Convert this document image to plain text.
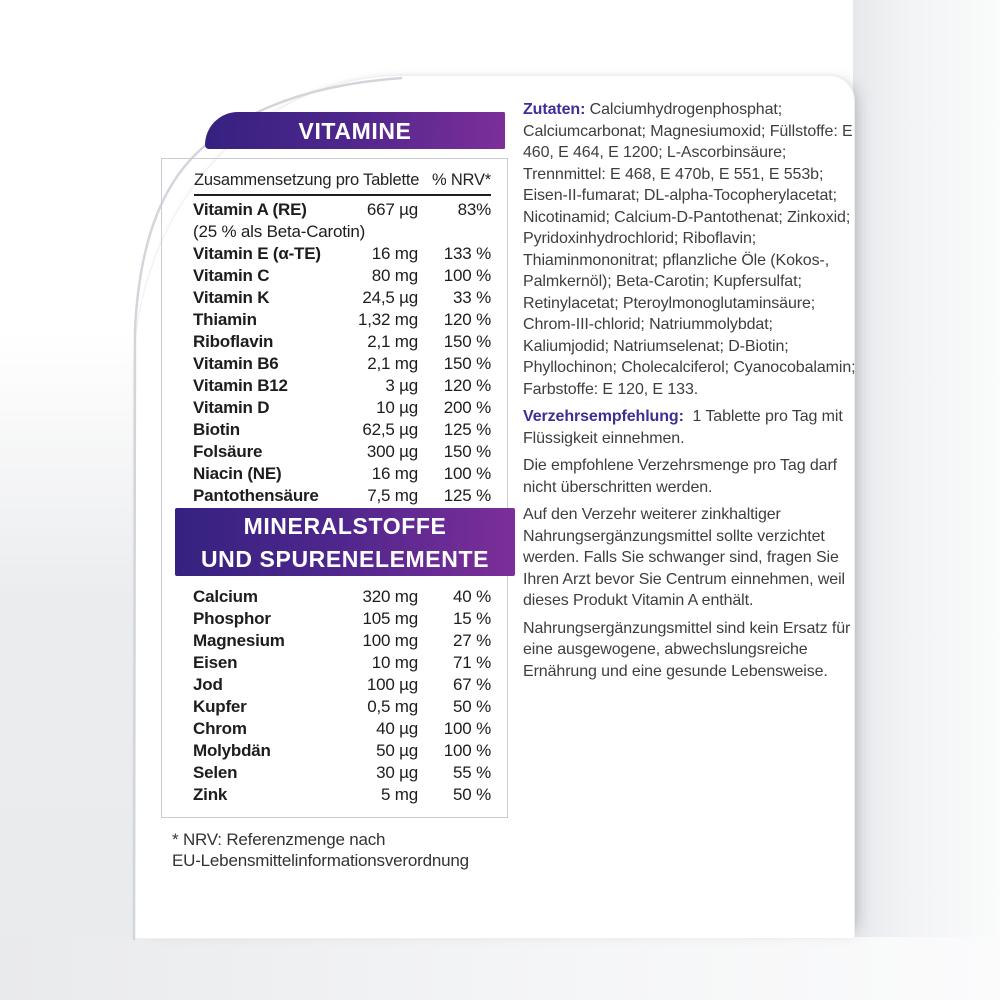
VITAMINE
Zusammensetzung pro Tablette % NRV*
Vitamin A (RE)	667 µg	83%
(25 % als Beta-Carotin)
Vitamin E (α-TE)	16 mg	133 %
Vitamin C	80 mg	100 %
Vitamin K	24,5 µg	33 %
Thiamin	1,32 mg	120 %
Riboflavin	2,1 mg	150 %
Vitamin B6	2,1 mg	150 %
Vitamin B12	3 µg	120 %
Vitamin D	10 µg	200 %
Biotin	62,5 µg	125 %
Folsäure	300 µg	150 %
Niacin (NE)	16 mg	100 %
Pantothensäure	7,5 mg	125 %
MINERALSTOFFE
UND SPURENELEMENTE
Calcium	320 mg	40 %
Phosphor	105 mg	15 %
Magnesium	100 mg	27 %
Eisen	10 mg	71 %
Jod	100 µg	67 %
Kupfer	0,5 mg	50 %
Chrom	40 µg	100 %
Molybdän	50 µg	100 %
Selen	30 µg	55 %
Zink	5 mg	50 %
* NRV: Referenzmenge nach
EU-Lebensmittelinformationsverordnung

Zutaten: Calciumhydrogenphosphat; Calciumcarbonat; Magnesiumoxid; Füllstoffe: E 460, E 464, E 1200; L-Ascorbinsäure; Trennmittel: E 468, E 470b, E 551, E 553b; Eisen-II-fumarat; DL-alpha-Tocopherylacetat; Nicotinamid; Calcium-D-Pantothenat; Zinkoxid; Pyridoxinhydrochlorid; Riboflavin; Thiaminmononitrat; pflanzliche Öle (Kokos-, Palmkernöl); Beta-Carotin; Kupfersulfat; Retinylacetat; Pteroylmonoglutaminsäure; Chrom-III-chlorid; Natriummolybdat; Kaliumjodid; Natriumselenat; D-Biotin; Phyllochinon; Cholecalciferol; Cyanocobalamin; Farbstoffe: E 120, E 133.

Verzehrsempfehlung: 1 Tablette pro Tag mit Flüssigkeit einnehmen.

Die empfohlene Verzehrsmenge pro Tag darf nicht überschritten werden.

Auf den Verzehr weiterer zinkhaltiger Nahrungsergänzungsmittel sollte verzichtet werden. Falls Sie schwanger sind, fragen Sie Ihren Arzt bevor Sie Centrum einnehmen, weil dieses Produkt Vitamin A enthält.

Nahrungsergänzungsmittel sind kein Ersatz für eine ausgewogene, abwechslungsreiche Ernährung und eine gesunde Lebensweise.
